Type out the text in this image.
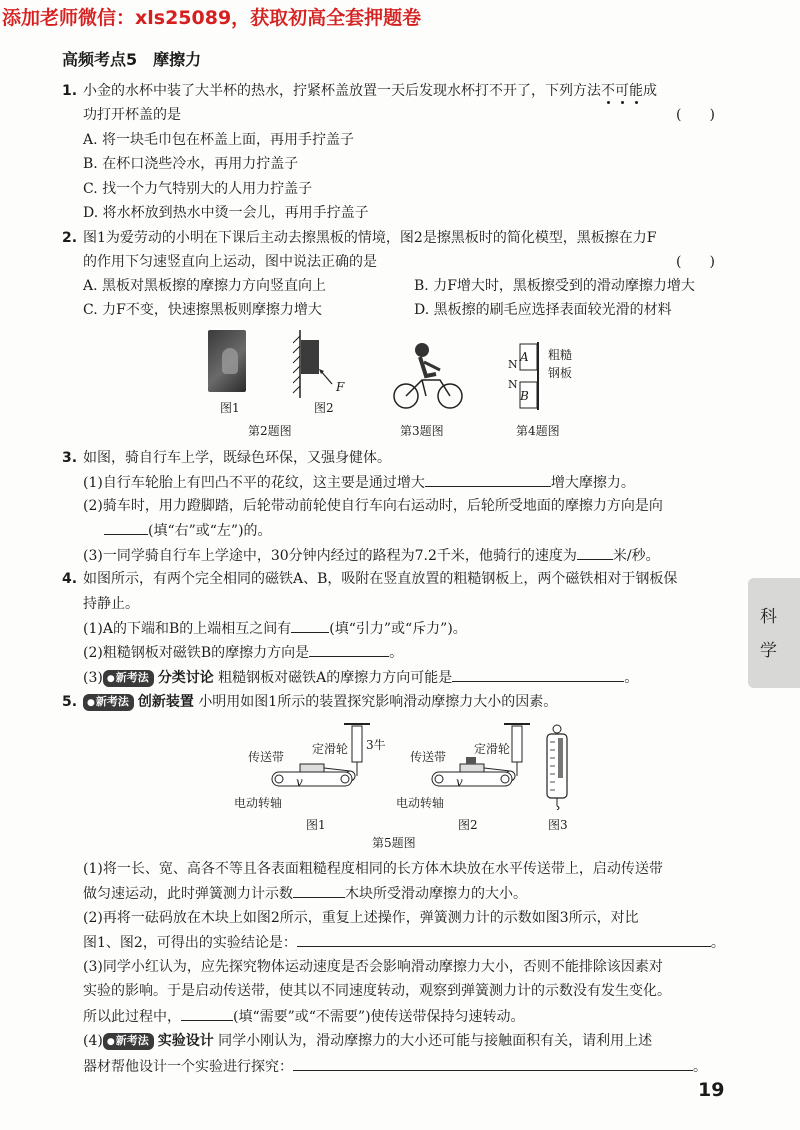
添加老师微信：xls25089，获取初高全套押题卷
高频考点5　摩擦力
1. 小金的水杯中装了大半杯的热水，拧紧杯盖放置一天后发现水杯打不开了，下列方法不可能成
功打开杯盖的是	(　　)
A. 将一块毛巾包在杯盖上面，再用手拧盖子
B. 在杯口浇些冷水，再用力拧盖子
C. 找一个力气特别大的人用力拧盖子
D. 将水杯放到热水中烫一会儿，再用手拧盖子
2. 图1为爱劳动的小明在下课后主动去擦黑板的情境，图2是擦黑板时的简化模型，黑板擦在力F
的作用下匀速竖直向上运动，图中说法正确的是	(　　)
A. 黑板对黑板擦的摩擦力方向竖直向上	B. 力F增大时，黑板擦受到的滑动摩擦力增大
C. 力F不变，快速擦黑板则摩擦力增大	D. 黑板擦的刷毛应选择表面较光滑的材料
图1
F
图2
第2题图	第3题图
A
B
N
N
粗糙
钢板
第4题图
3. 如图，骑自行车上学，既绿色环保，又强身健体。
(1)自行车轮胎上有凹凸不平的花纹，这主要是通过增大	增大摩擦力。
(2)骑车时，用力蹬脚踏，后轮带动前轮使自行车向右运动时，后轮所受地面的摩擦力方向是向
(填“右”或“左”)的。
(3)一同学骑自行车上学途中，30分钟内经过的路程为7.2千米，他骑行的速度为	米/秒。
4. 如图所示，有两个完全相同的磁铁A、B，吸附在竖直放置的粗糙钢板上，两个磁铁相对于钢板保
持静止。
(1)A的下端和B的上端相互之间有	(填“引力”或“斥力”)。
(2)粗糙钢板对磁铁B的摩擦力方向是	。
(3) ●新考法 分类讨论 粗糙钢板对磁铁A的摩擦力方向可能是	。
5.	●新考法 创新装置 小明用如图1所示的装置探究影响滑动摩擦力大小的因素。
传送带
定滑轮 3牛
v
电动转轴
图1
传送带
定滑轮
v
电动转轴
图2	图3
第5题图
(1)将一长、宽、高各不等且各表面粗糙程度相同的长方体木块放在水平传送带上，启动传送带
做匀速运动，此时弹簧测力计示数	木块所受滑动摩擦力的大小。
(2)再将一砝码放在木块上如图2所示，重复上述操作，弹簧测力计的示数如图3所示，对比
图1、图2，可得出的实验结论是：	。
(3)同学小红认为，应先探究物体运动速度是否会影响滑动摩擦力大小，否则不能排除该因素对
实验的影响。于是启动传送带，使其以不同速度转动，观察到弹簧测力计的示数没有发生变化。
所以此过程中，	(填“需要”或“不需要”)使传送带保持匀速转动。
(4) ●新考法 实验设计 同学小刚认为，滑动摩擦力的大小还可能与接触面积有关，请利用上述
器材帮他设计一个实验进行探究：	。
科
学
19
